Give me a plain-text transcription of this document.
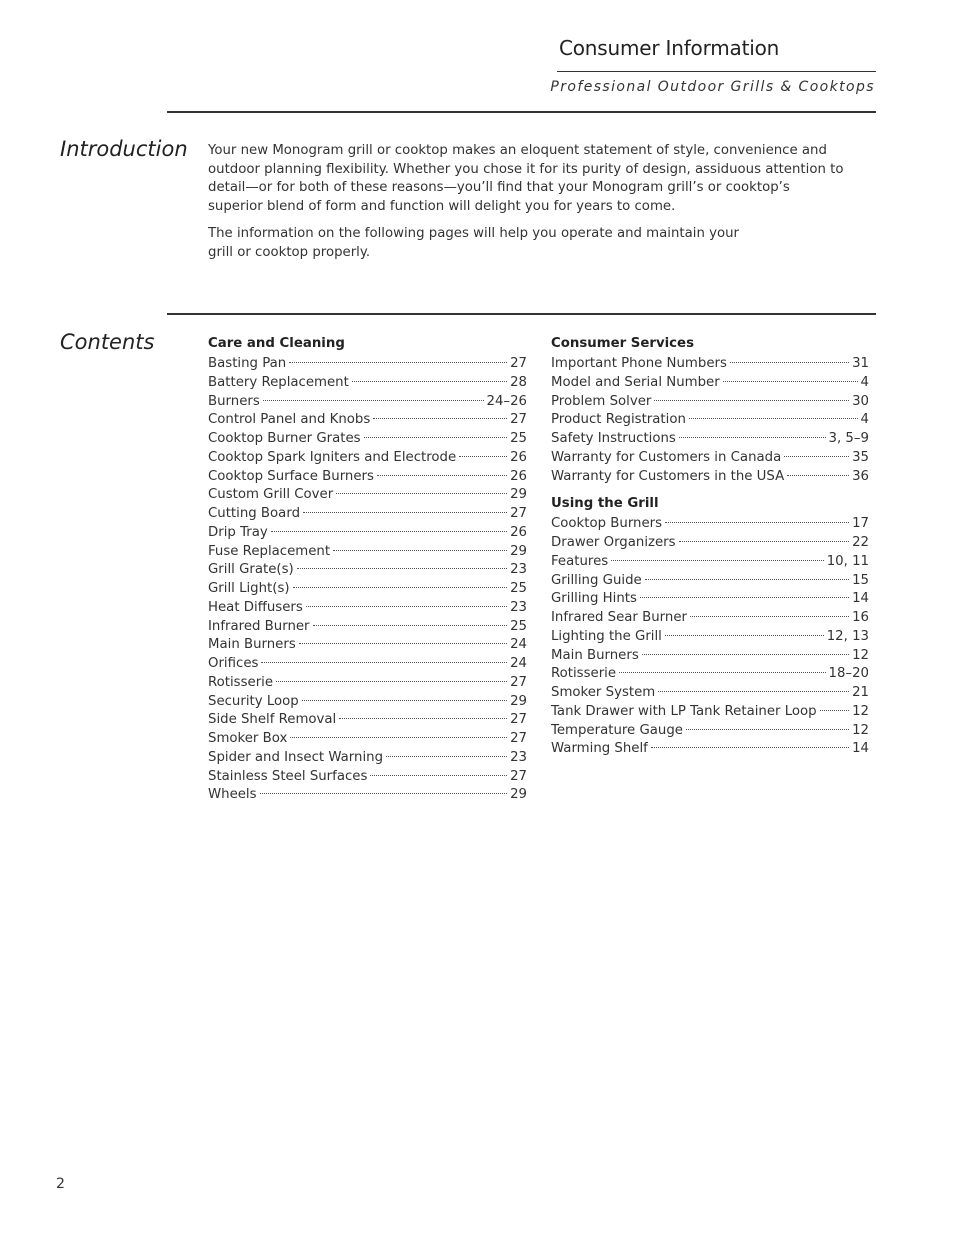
Consumer Information
Professional Outdoor Grills & Cooktops
Introduction Your new Monogram grill or cooktop makes an eloquent statement of style, convenience and outdoor planning flexibility. Whether you chose it for its purity of design, assiduous attention to detail—or for both of these reasons—you’ll find that your Monogram grill’s or cooktop’s superior blend of form and function will delight you for years to come.

The information on the following pages will help you operate and maintain your grill or cooktop properly.

Contents	Care and Cleaning
Basting Pan	27
Battery Replacement	28
Burners	24–26
Control Panel and Knobs	27
Cooktop Burner Grates	25
Cooktop Spark Igniters and Electrode	26
Cooktop Surface Burners	26
Custom Grill Cover	29
Cutting Board	27
Drip Tray	26
Fuse Replacement	29
Grill Grate(s)	23
Grill Light(s)	25
Heat Diffusers	23
Infrared Burner	25
Main Burners	24
Orifices	24
Rotisserie	27
Security Loop	29
Side Shelf Removal	27
Smoker Box	27
Spider and Insect Warning	23
Stainless Steel Surfaces	27
Wheels	29
Consumer Services
Important Phone Numbers	31
Model and Serial Number	4
Problem Solver	30
Product Registration	4
Safety Instructions	3, 5–9
Warranty for Customers in Canada	35
Warranty for Customers in the USA	36
Using the Grill
Cooktop Burners	17
Drawer Organizers	22
Features	10, 11
Grilling Guide	15
Grilling Hints	14
Infrared Sear Burner	16
Lighting the Grill	12, 13
Main Burners	12
Rotisserie	18–20
Smoker System	21
Tank Drawer with LP Tank Retainer Loop	12
Temperature Gauge	12
Warming Shelf	14
2
